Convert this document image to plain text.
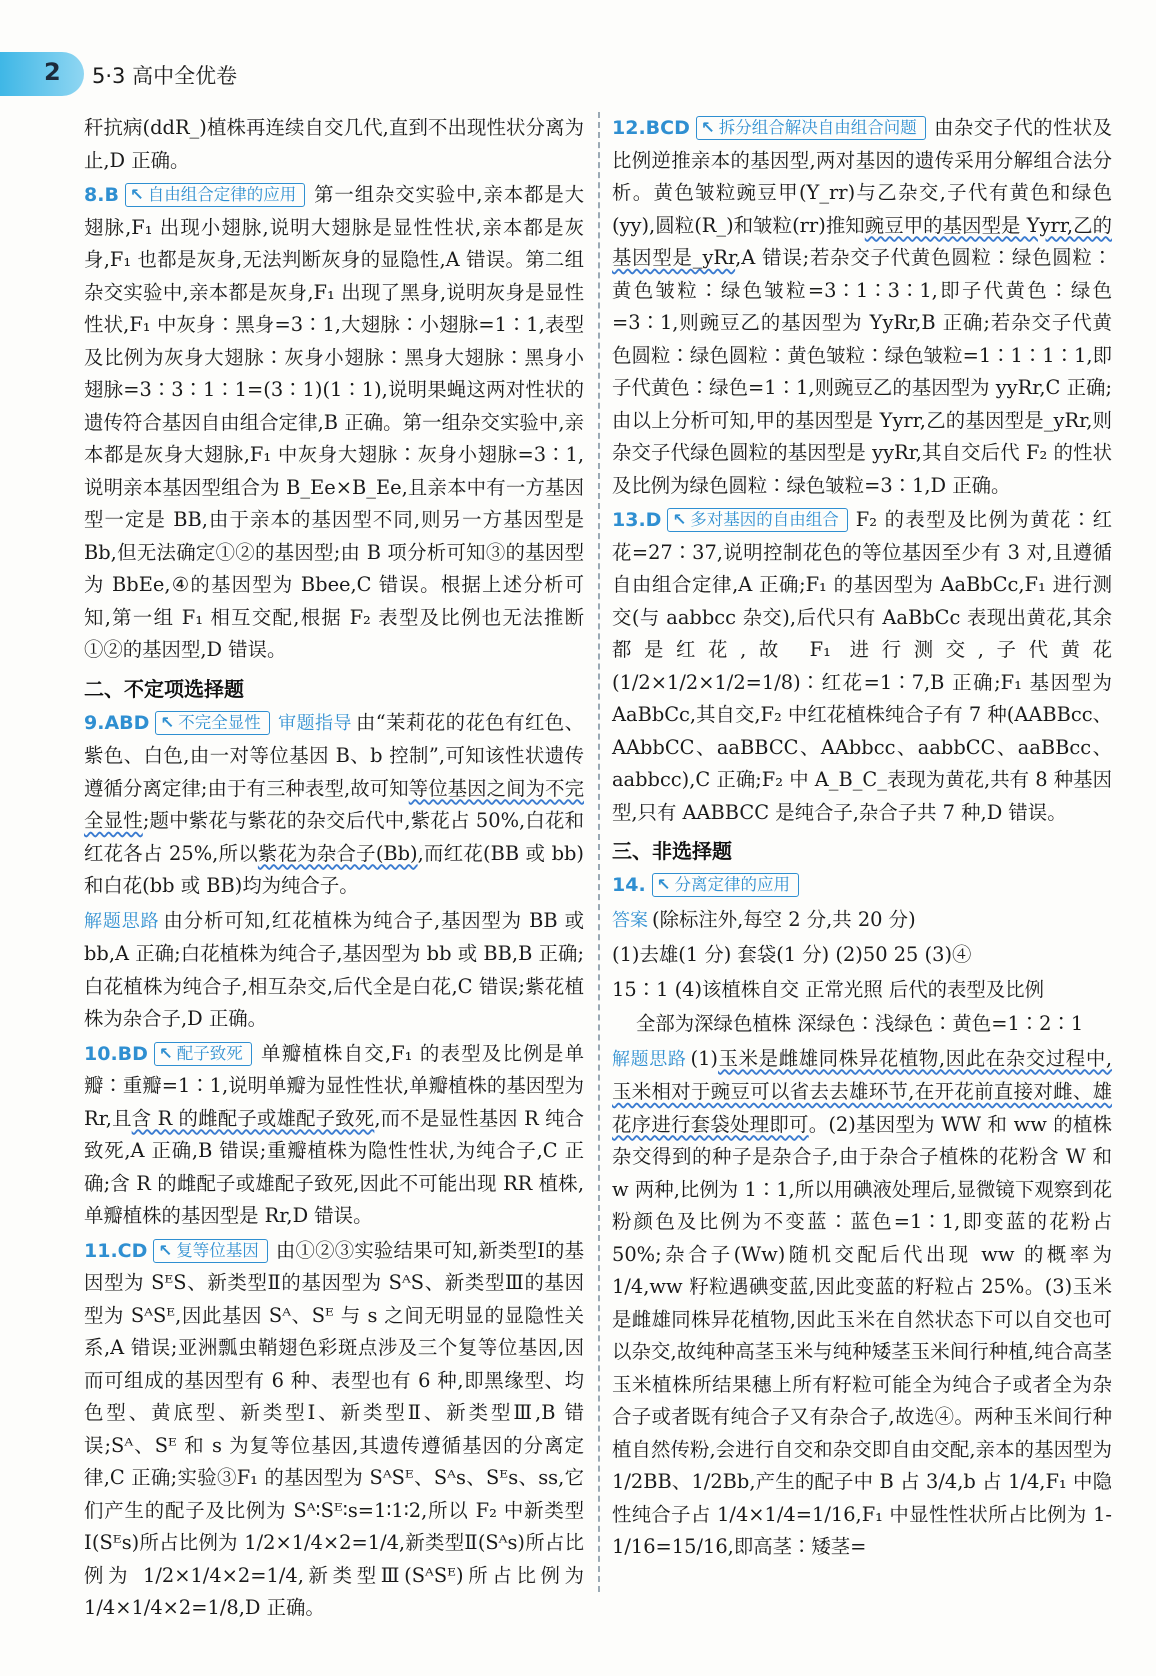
2 5·3 高中全优卷

秆抗病(ddR_)植株再连续自交几代,直到不出现性状分离为止,D 正确。

8.B ↖ 自由组合定律的应用 第一组杂交实验中,亲本都是大翅脉,F₁ 出现小翅脉,说明大翅脉是显性性状,亲本都是灰身,F₁ 也都是灰身,无法判断灰身的显隐性,A 错误。第二组杂交实验中,亲本都是灰身,F₁ 出现了黑身,说明灰身是显性性状,F₁ 中灰身∶黑身=3∶1,大翅脉∶小翅脉=1∶1,表型及比例为灰身大翅脉∶灰身小翅脉∶黑身大翅脉∶黑身小翅脉=3∶3∶1∶1=(3∶1)(1∶1),说明果蝇这两对性状的遗传符合基因自由组合定律,B 正确。第一组杂交实验中,亲本都是灰身大翅脉,F₁ 中灰身大翅脉∶灰身小翅脉=3∶1,说明亲本基因型组合为 B_Ee×B_Ee,且亲本中有一方基因型一定是 BB,由于亲本的基因型不同,则另一方基因型是 Bb,但无法确定①②的基因型;由 B 项分析可知③的基因型为 BbEe,④的基因型为 Bbee,C 错误。根据上述分析可知,第一组 F₁ 相互交配,根据 F₂ 表型及比例也无法推断①②的基因型,D 错误。

二、不定项选择题

9.ABD ↖ 不完全显性 审题指导 由“茉莉花的花色有红色、紫色、白色,由一对等位基因 B、b 控制”,可知该性状遗传遵循分离定律;由于有三种表型,故可知等位基因之间为不完全显性;题中紫花与紫花的杂交后代中,紫花占 50%,白花和红花各占 25%,所以紫花为杂合子(Bb),而红花(BB 或 bb)和白花(bb 或 BB)均为纯合子。

解题思路 由分析可知,红花植株为纯合子,基因型为 BB 或 bb,A 正确;白花植株为纯合子,基因型为 bb 或 BB,B 正确;白花植株为纯合子,相互杂交,后代全是白花,C 错误;紫花植株为杂合子,D 正确。

10.BD ↖ 配子致死 单瓣植株自交,F₁ 的表型及比例是单瓣∶重瓣=1∶1,说明单瓣为显性性状,单瓣植株的基因型为 Rr,且含 R 的雌配子或雄配子致死,而不是显性基因 R 纯合致死,A 正确,B 错误;重瓣植株为隐性性状,为纯合子,C 正确;含 R 的雌配子或雄配子致死,因此不可能出现 RR 植株,单瓣植株的基因型是 Rr,D 错误。

11.CD ↖ 复等位基因 由①②③实验结果可知,新类型Ⅰ的基因型为 SᴱS、新类型Ⅱ的基因型为 SᴬS、新类型Ⅲ的基因型为 SᴬSᴱ,因此基因 Sᴬ、Sᴱ 与 s 之间无明显的显隐性关系,A 错误;亚洲瓢虫鞘翅色彩斑点涉及三个复等位基因,因而可组成的基因型有 6 种、表型也有 6 种,即黑缘型、均色型、黄底型、新类型Ⅰ、新类型Ⅱ、新类型Ⅲ,B 错误;Sᴬ、Sᴱ 和 s 为复等位基因,其遗传遵循基因的分离定律,C 正确;实验③F₁ 的基因型为 SᴬSᴱ、Sᴬs、Sᴱs、ss,它们产生的配子及比例为 Sᴬ∶Sᴱ∶s=1∶1∶2,所以 F₂ 中新类型Ⅰ(Sᴱs)所占比例为 1/2×1/4×2=1/4,新类型Ⅱ(Sᴬs)所占比例为 1/2×1/4×2=1/4,新类型Ⅲ(SᴬSᴱ)所占比例为 1/4×1/4×2=1/8,D 正确。

12.BCD ↖ 拆分组合解决自由组合问题 由杂交子代的性状及比例逆推亲本的基因型,两对基因的遗传采用分解组合法分析。黄色皱粒豌豆甲(Y_rr)与乙杂交,子代有黄色和绿色(yy),圆粒(R_)和皱粒(rr)推知豌豆甲的基因型是 Yyrr,乙的基因型是_yRr,A 错误;若杂交子代黄色圆粒∶绿色圆粒∶黄色皱粒∶绿色皱粒=3∶1∶3∶1,即子代黄色∶绿色=3∶1,则豌豆乙的基因型为 YyRr,B 正确;若杂交子代黄色圆粒∶绿色圆粒∶黄色皱粒∶绿色皱粒=1∶1∶1∶1,即子代黄色∶绿色=1∶1,则豌豆乙的基因型为 yyRr,C 正确;由以上分析可知,甲的基因型是 Yyrr,乙的基因型是_yRr,则杂交子代绿色圆粒的基因型是 yyRr,其自交后代 F₂ 的性状及比例为绿色圆粒∶绿色皱粒=3∶1,D 正确。

13.D ↖ 多对基因的自由组合 F₂ 的表型及比例为黄花∶红花=27∶37,说明控制花色的等位基因至少有 3 对,且遵循自由组合定律,A 正确;F₁ 的基因型为 AaBbCc,F₁ 进行测交(与 aabbcc 杂交),后代只有 AaBbCc 表现出黄花,其余都是红花,故 F₁ 进行测交,子代黄花(1/2×1/2×1/2=1/8)∶红花=1∶7,B 正确;F₁ 基因型为 AaBbCc,其自交,F₂ 中红花植株纯合子有 7 种(AABBcc、AAbbCC、aaBBCC、AAbbcc、aabbCC、aaBBcc、aabbcc),C 正确;F₂ 中 A_B_C_表现为黄花,共有 8 种基因型,只有 AABBCC 是纯合子,杂合子共 7 种,D 错误。

三、非选择题

14. ↖ 分离定律的应用

答案 (除标注外,每空 2 分,共 20 分)

(1)去雄(1 分) 套袋(1 分) (2)50 25 (3)④

15∶1 (4)该植株自交 正常光照 后代的表型及比例

全部为深绿色植株 深绿色∶浅绿色∶黄色=1∶2∶1

解题思路 (1)玉米是雌雄同株异花植物,因此在杂交过程中,玉米相对于豌豆可以省去去雄环节,在开花前直接对雌、雄花序进行套袋处理即可。(2)基因型为 WW 和 ww 的植株杂交得到的种子是杂合子,由于杂合子植株的花粉含 W 和 w 两种,比例为 1∶1,所以用碘液处理后,显微镜下观察到花粉颜色及比例为不变蓝∶蓝色=1∶1,即变蓝的花粉占 50%;杂合子(Ww)随机交配后代出现 ww 的概率为 1/4,ww 籽粒遇碘变蓝,因此变蓝的籽粒占 25%。(3)玉米是雌雄同株异花植物,因此玉米在自然状态下可以自交也可以杂交,故纯种高茎玉米与纯种矮茎玉米间行种植,纯合高茎玉米植株所结果穗上所有籽粒可能全为纯合子或者全为杂合子或者既有纯合子又有杂合子,故选④。两种玉米间行种植自然传粉,会进行自交和杂交即自由交配,亲本的基因型为 1/2BB、1/2Bb,产生的配子中 B 占 3/4,b 占 1/4,F₁ 中隐性纯合子占 1/4×1/4=1/16,F₁ 中显性性状所占比例为 1-1/16=15/16,即高茎∶矮茎=
